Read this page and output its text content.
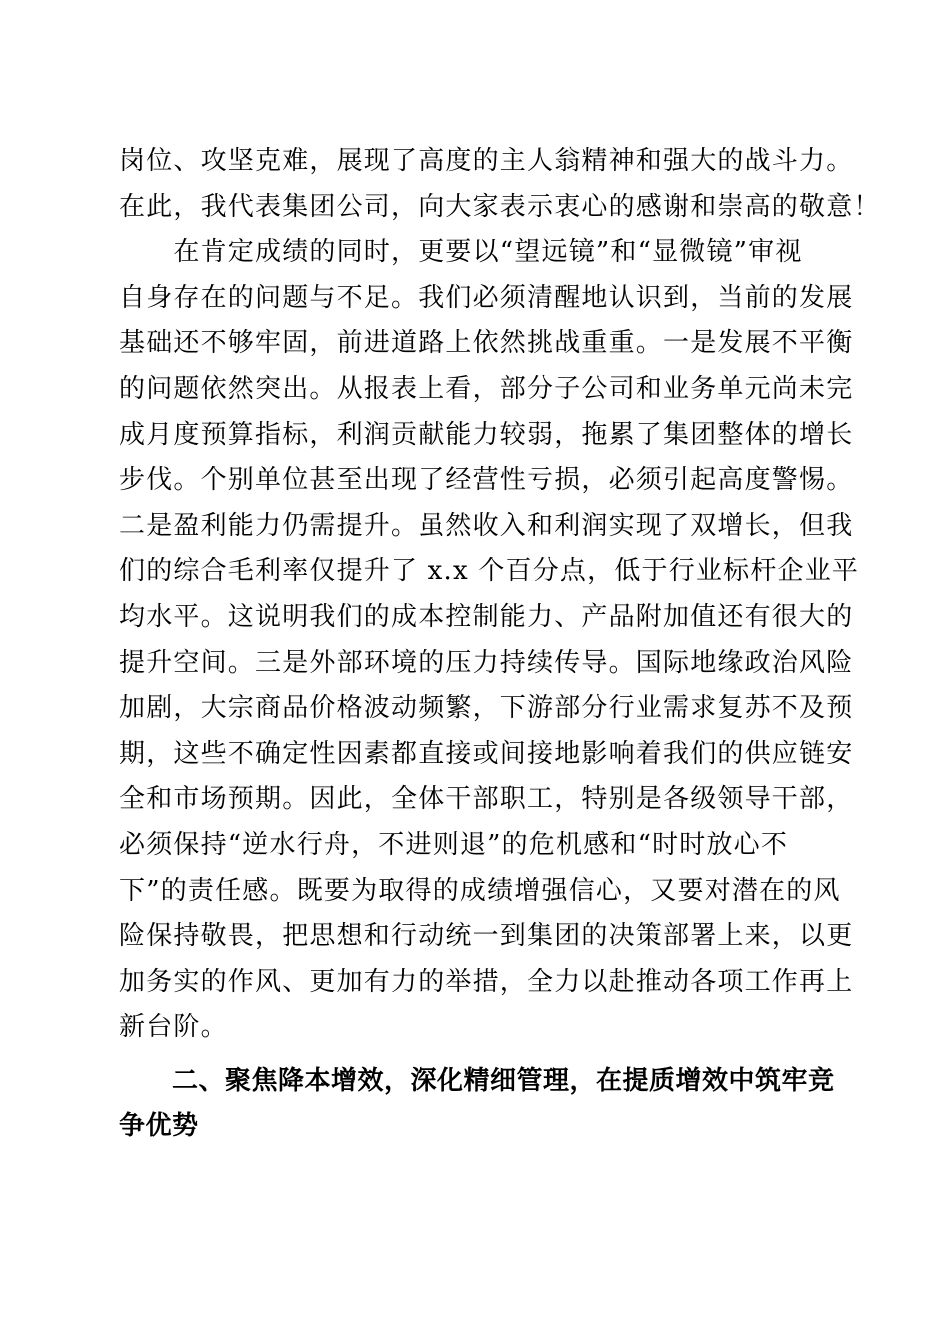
岗位、攻坚克难，展现了高度的主人翁精神和强大的战斗力。
在此，我代表集团公司，向大家表示衷心的感谢和崇高的敬意！
　　在肯定成绩的同时，更要以“望远镜”和“显微镜”审视
自身存在的问题与不足。我们必须清醒地认识到，当前的发展
基础还不够牢固，前进道路上依然挑战重重。一是发展不平衡
的问题依然突出。从报表上看，部分子公司和业务单元尚未完
成月度预算指标，利润贡献能力较弱，拖累了集团整体的增长
步伐。个别单位甚至出现了经营性亏损，必须引起高度警惕。
二是盈利能力仍需提升。虽然收入和利润实现了双增长，但我
们的综合毛利率仅提升了 x.x 个百分点，低于行业标杆企业平
均水平。这说明我们的成本控制能力、产品附加值还有很大的
提升空间。三是外部环境的压力持续传导。国际地缘政治风险
加剧，大宗商品价格波动频繁，下游部分行业需求复苏不及预
期，这些不确定性因素都直接或间接地影响着我们的供应链安
全和市场预期。因此，全体干部职工，特别是各级领导干部，
必须保持“逆水行舟，不进则退”的危机感和“时时放心不
下”的责任感。既要为取得的成绩增强信心，又要对潜在的风
险保持敬畏，把思想和行动统一到集团的决策部署上来，以更
加务实的作风、更加有力的举措，全力以赴推动各项工作再上
新台阶。
　　二、聚焦降本增效，深化精细管理，在提质增效中筑牢竞
争优势
